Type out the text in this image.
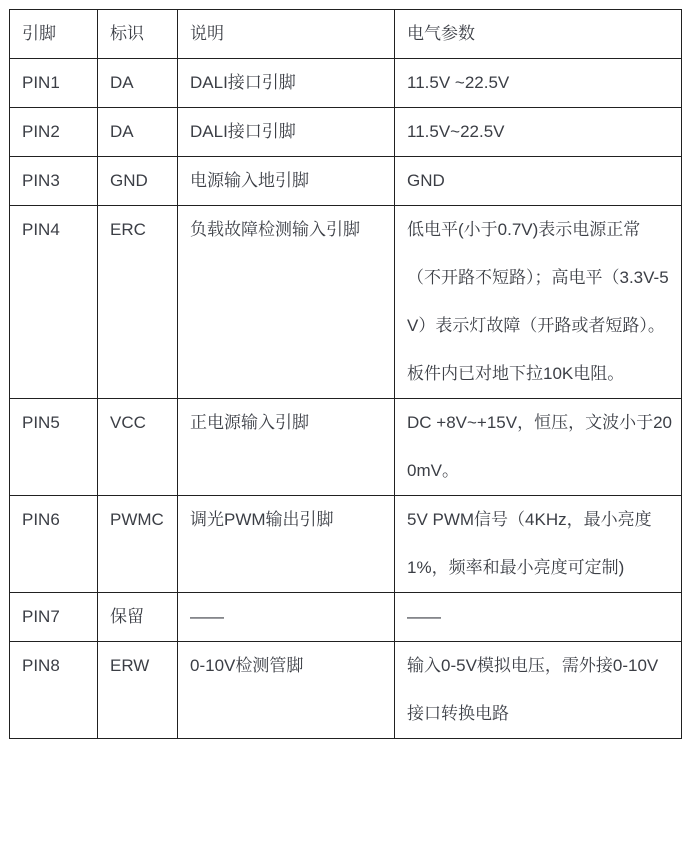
引脚	标识	说明	电气参数
PIN1	DA	DALI接口引脚	11.5V ~22.5V
PIN2	DA	DALI接口引脚	11.5V~22.5V
PIN3	GND	电源输入地引脚	GND
PIN4	ERC	负载故障检测输入引脚	低电平(小于0.7V)表示电源正常（不开路不短路）；高电平（3.3V-5V）表示灯故障（开路或者短路）。板件内已对地下拉10K电阻。
PIN5	VCC	正电源输入引脚	DC +8V~+15V，恒压，文波小于200mV。
PIN6	PWMC	调光PWM输出引脚	5V PWM信号（4KHz，最小亮度1%，频率和最小亮度可定制)
PIN7	保留	——	——
PIN8	ERW	0-10V检测管脚	输入0-5V模拟电压，需外接0-10V接口转换电路
